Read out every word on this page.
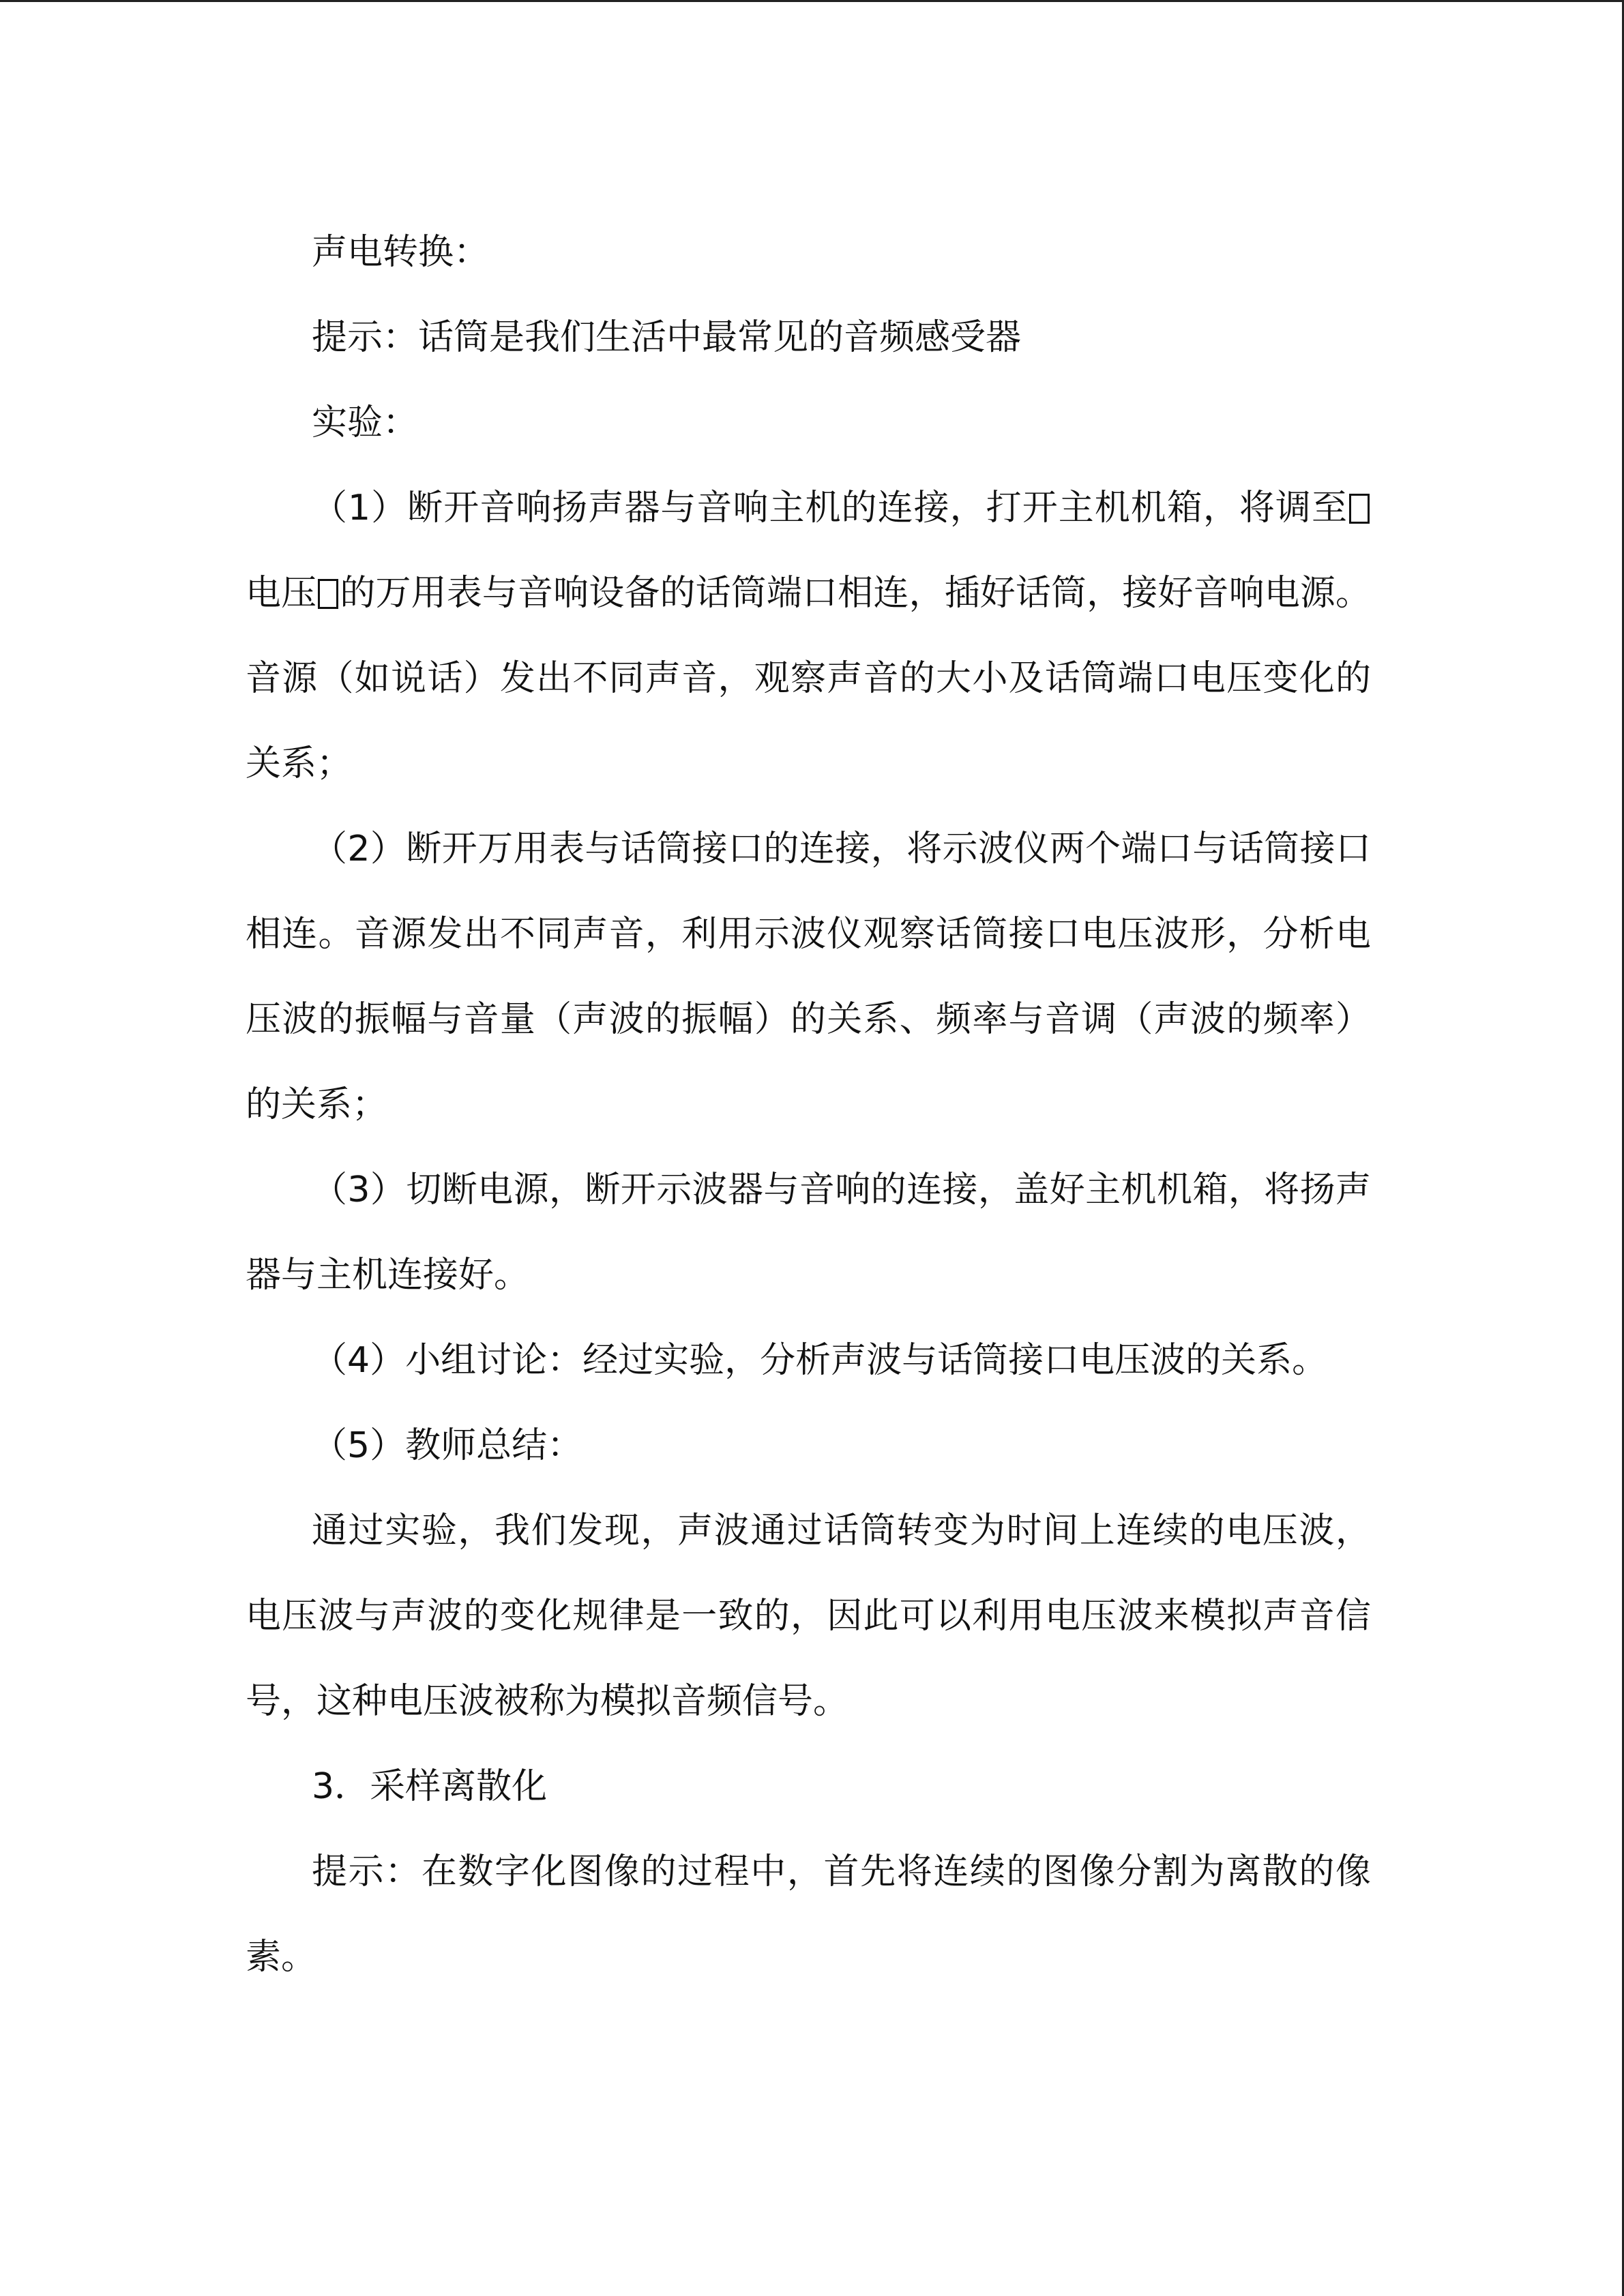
声电转换：

提示：话筒是我们生活中最常见的音频感受器

实验：

（1）断开音响扬声器与音响主机的连接，打开主机机箱，将调至电压 的万用表与音响设备的话筒端口相连，插好话筒，接好音响电源。音源（如说话）发出不同声音，观察声音的大小及话筒端口电压变化的关系；

（2）断开万用表与话筒接口的连接，将示波仪两个端口与话筒接口相连。音源发出不同声音，利用示波仪观察话筒接口电压波形，分析电压波的振幅与音量（声波的振幅）的关系、频率与音调（声波的频率）的关系；

（3）切断电源，断开示波器与音响的连接，盖好主机机箱，将扬声器与主机连接好。

（4）小组讨论：经过实验，分析声波与话筒接口电压波的关系。

（5）教师总结：

通过实验，我们发现，声波通过话筒转变为时间上连续的电压波，电压波与声波的变化规律是一致的，因此可以利用电压波来模拟声音信号，这种电压波被称为模拟音频信号。

3．采样离散化

提示：在数字化图像的过程中，首先将连续的图像分割为离散的像素。
